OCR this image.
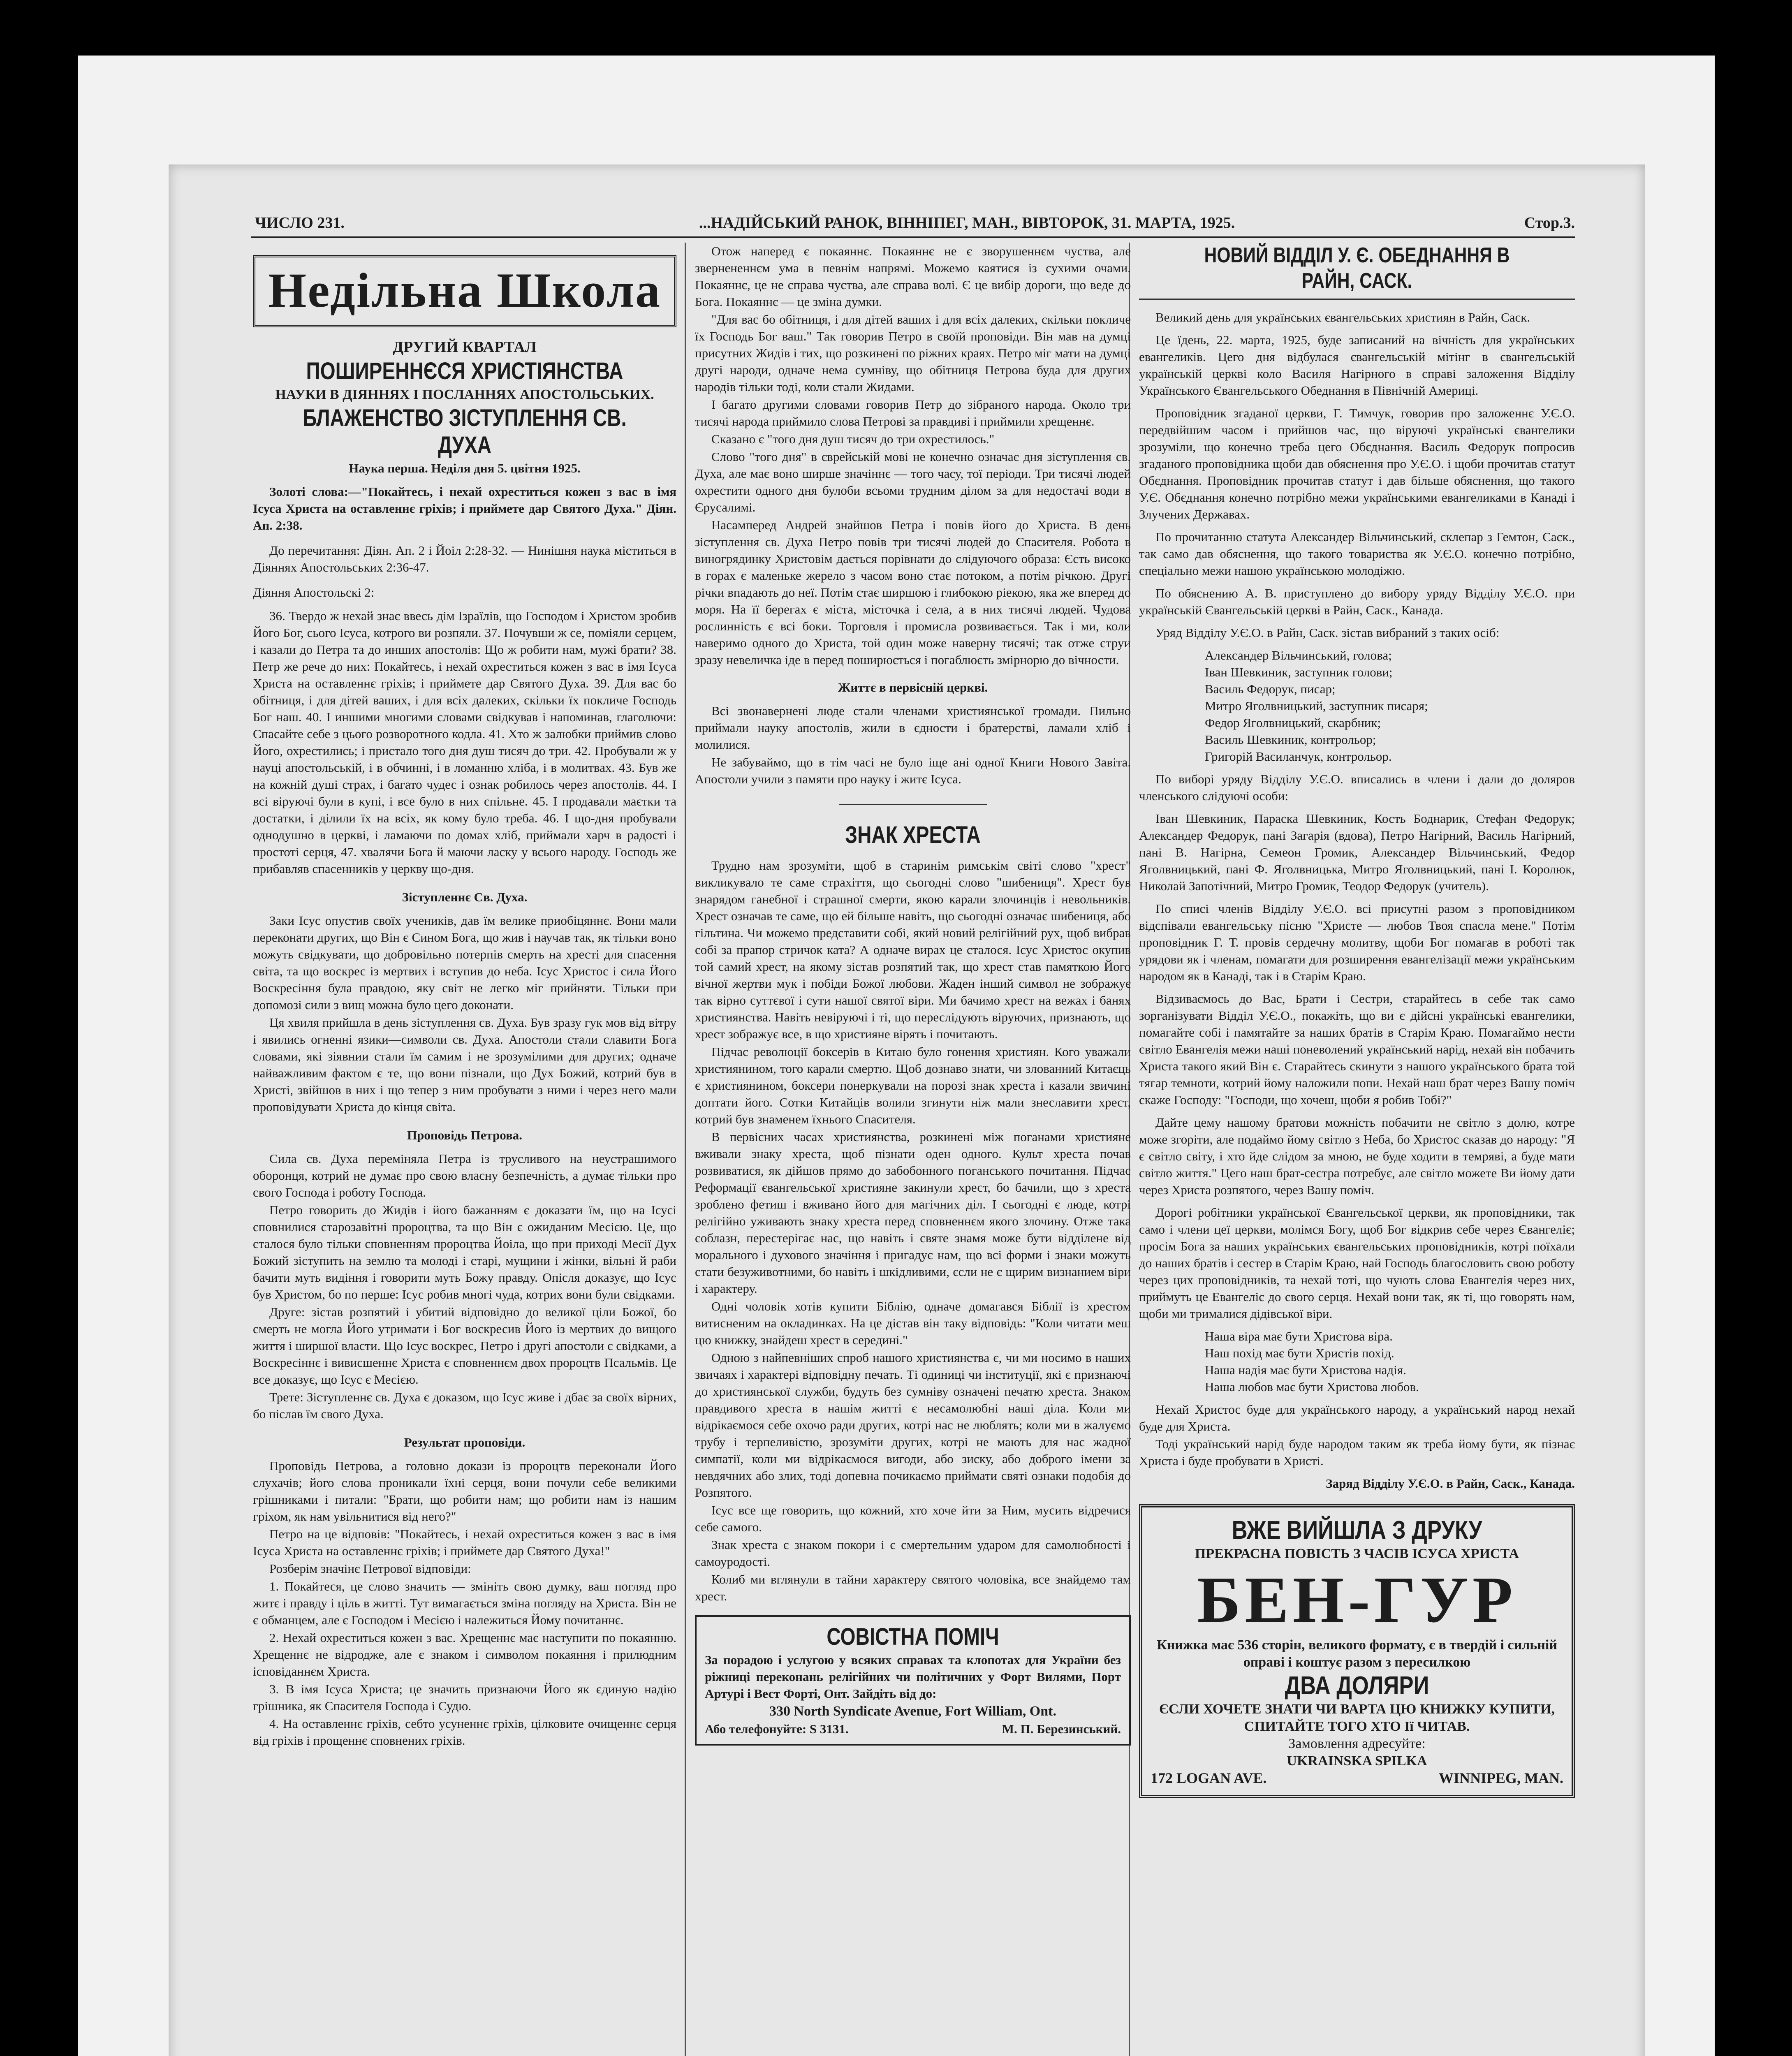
ЧИСЛО 231.	...НАДІЙСЬКИЙ РАНОК, ВІННІПЕГ, МАН., ВІВТОРОК, 31. МАРТА, 1925.	Стор.3.
Недільна Школа

ДРУГИЙ КВАРТАЛ

ПОШИРЕННЄСЯ ХРИСТІЯНСТВА

НАУКИ В ДІЯННЯХ І ПОСЛАННЯХ АПОСТОЛЬСЬКИХ.

БЛАЖЕНСТВО ЗІСТУПЛЕННЯ СВ. ДУХА

Наука перша. Неділя дня 5. цвітня 1925.

Золоті слова:—"Покайтесь, і нехай охреститься кожен з вас в імя Ісуса Христа на оставленнє гріхів; і приймете дар Святого Духа." Діян. Ап. 2:38.

До перечитання: Діян. Ап. 2 і Йоіл 2:28-32. — Нинішня наука міститься в Діяннях Апостольських 2:36-47.

Діяння Апостольскі 2:

36. Твердо ж нехай знає ввесь дім Ізраїлів, що Господом і Христом зробив Його Бог, сього Ісуса, котрого ви розпяли. 37. Почувши ж се, поміяли серцем, і казали до Петра та до инших апостолів: Що ж робити нам, мужі брати? 38. Петр же рече до них: Покайтесь, і нехай охреститься кожен з вас в імя Ісуса Христа на оставленнє гріхів; і приймете дар Святого Духа. 39. Для вас бо обітниця, і для дітей ваших, і для всіх далеких, скільки їх покличе Господь Бог наш. 40. І иншими многими словами свідкував і напоминав, глаголючи: Спасайте себе з цього розворотного кодла. 41. Хто ж залюбки приймив слово Його, охрестились; і пристало того дня душ тисяч до три. 42. Пробували ж у науці апостольській, і в обчинні, і в ломанню хліба, і в молитвах. 43. Був же на кожній душі страх, і багато чудес і ознак робилось через апостолів. 44. І всі віруючі були в купі, і все було в них спільне. 45. І продавали маєтки та достатки, і ділили їх на всіх, як кому було треба. 46. І що-дня пробували однодушно в церкві, і ламаючи по домах хліб, приймали харч в радості і простоті серця, 47. хвалячи Бога й маючи ласку у всього народу. Господь же прибавляв спасенників у церкву що-дня.

Зіступленнє Св. Духа.

Заки Ісус опустив своїх учеників, дав їм велике приобіцяннє. Вони мали переконати других, що Він є Сином Бога, що жив і научав так, як тільки воно можуть свідкувати, що добровільно потерпів смерть на хресті для спасення світа, та що воскрес із мертвих і вступив до неба. Ісус Христос і сила Його Воскресіння була правдою, яку світ не легко міг прийняти. Тільки при допомозі сили з вищ можна було цего доконати.

Ця хвиля прийшла в день зіступлення св. Духа. Був зразу гук мов від вітру і явились огненні язики—символи св. Духа. Апостоли стали славити Бога словами, які зіявнии стали їм самим і не зрозумілими для других; одначе найважливим фактом є те, що вони пізнали, що Дух Божий, котрий був в Христі, звійшов в них і що тепер з ним пробувати з ними і через него мали проповідувати Христа до кінця світа.

Проповідь Петрова.

Сила св. Духа переміняла Петра із трусливого на неустрашимого оборонця, котрий не думає про свою власну безпечність, а думає тільки про свого Господа і роботу Господа.

Петро говорить до Жидів і його бажанням є доказати їм, що на Ісусі сповнилися старозавітні пророцтва, та що Він є ожиданим Месією. Це, що сталося було тільки сповненням пророцтва Йоіла, що при приході Месії Дух Божий зіступить на землю та молоді і старі, мущини і жінки, вільні й раби бачити муть видіння і говорити муть Божу правду. Опісля доказує, що Ісус був Христом, бо по перше: Ісус робив многі чуда, котрих вони були свідками.

Друге: зістав розпятий і убитий відповідно до великої ціли Божої, бо смерть не могла Його утримати і Бог воскресив Його із мертвих до вищого життя і ширшої власти. Що Ісус воскрес, Петро і другі апостоли є свідками, а Воскресіннє і вивисшеннє Христа є сповненнєм двох пророцтв Псальмів. Це все доказує, що Ісус є Месією.

Трете: Зіступленнє св. Духа є доказом, що Ісус живе і дбає за своїх вірних, бо післав їм свого Духа.

Результат проповіди.

Проповідь Петрова, а головно докази із пророцтв переконали Його слухачів; його слова проникали їхні серця, вони почули себе великими грішниками і питали: "Брати, що робити нам; що робити нам із нашим гріхом, як нам увільнитися від него?"

Петро на це відповів: "Покайтесь, і нехай охреститься кожен з вас в імя Ісуса Христа на оставленнє гріхів; і приймете дар Святого Духа!"

Розберім значінє Петрової відповіди:

1. Покайтеся, це слово значить — змініть свою думку, ваш погляд про житє і правду і ціль в житті. Тут вимагається зміна погляду на Христа. Він не є обманцем, але є Господом і Месією і належиться Йому почитаннє.

2. Нехай охреститься кожен з вас. Хрещеннє має наступити по покаянню. Хрещеннє не відродже, але є знаком і символом покаяння і прилюдним ісповіданнєм Христа.

3. В імя Ісуса Христа; це значить признаючи Його як єдиную надію грішника, як Спасителя Господа і Судю.

4. На оставленнє гріхів, себто усуненнє гріхів, цілковите очищеннє серця від гріхів і прощеннє сповнених гріхів.

Отож наперед є покаяннє. Покаяннє не є зворушеннєм чуства, але звернененнєм ума в певнім напрямі. Можемо каятися із сухими очами. Покаяннє, це не справа чуства, але справа волі. Є це вибір дороги, що веде до Бога. Покаяннє — це зміна думки.

"Для вас бо обітниця, і для дітей ваших і для всіх далеких, скільки покличе їх Господь Бог ваш." Так говорив Петро в своїй проповіди. Він мав на думці присутних Жидів і тих, що розкинені по ріжних краях. Петро міг мати на думці другі народи, одначе нема сумніву, що обітниця Петрова буда для других народів тільки тоді, коли стали Жидами.

І багато другими словами говорив Петр до зібраного народа. Около три тисячі народа приймило слова Петрові за правдиві і приймили хрещеннє.

Сказано є "того дня душ тисяч до три охрестилось."

Слово "того дня" в єврейській мові не конечно означає дня зіступлення св. Духа, але має воно ширше значіннє — того часу, тої періоди. Три тисячі людей охрестити одного дня булоби всьоми трудним ділом за для недостачі води в Єрусалимі.

Насамперед Андрей знайшов Петра і повів його до Христа. В день зіступлення св. Духа Петро повів три тисячі людей до Спасителя. Робота в виногрядинку Христовім дається порівнати до слідуючого образа: Єсть високо в горах є маленьке жерело з часом воно стає потоком, а потім річкою. Другі річки впадають до неї. Потім стає ширшою і глибокою ріекою, яка же вперед до моря. На її берегах є міста, місточка і села, а в них тисячі людей. Чудова рослинність є всі боки. Торговля і промисла розвивається. Так і ми, коли наверимо одного до Христа, той один може наверну тисячі; так отже струи зразу невеличка іде в перед поширюється і погаблюєть змірнорю до вічности.

Життє в первісній церкві.

Всі звонавернені люде стали членами християнської громади. Пильно приймали науку апостолів, жили в єдности і братерстві, ламали хліб і молилися.

Не забуваймо, що в тім часі не було іще ані одної Книги Нового Завіта. Апостоли учили з памяти про науку і житє Ісуса.

ЗНАК ХРЕСТА

Трудно нам зрозуміти, щоб в старинім римськім світі слово "хрест" викликувало те саме страхіття, що сьогодні слово "шибениця". Хрест був знарядом ганебної і страшної смерти, якою карали злочинців і невольників. Хрест означав те саме, що ей більше навіть, що сьогодні означає шибениця, або гільтина. Чи можемо представити собі, який новий релігійний рух, щоб вибрав собі за прапор стричок ката? А одначе вирах це сталося. Ісус Христос окупив той самий хрест, на якому зістав розпятий так, що хрест став памяткою Його вічної жертви мук і побіди Божої любови. Жаден інший символ не зображує так вірно суттєвої і сути нашої святої віри. Ми бачимо хрест на вежах і банях християнства. Навіть невіруючі і ті, що переслідують віруючих, признають, що хрест зображує все, в що християне вірять і почитають.

Підчас революції боксерів в Китаю було гонення християн. Кого уважали християнином, того карали смертю. Щоб дознаво знати, чи злованний Китаєць є християнином, боксери понеркували на порозі знак хреста і казали звичині доптати його. Сотки Китайців волили згинути ніж мали знеславити хрест, котрий був знаменем їхнього Спасителя.

В первісних часах християнства, розкинені між поганами християне вживали знаку хреста, щоб пізнати оден одного. Культ хреста почав розвиватися, як дійшов прямо до забобонного поганського почитання. Підчас Реформації євангельської християне закинули хрест, бо бачили, що з хреста зроблено фетиш і вживано його для магічних діл. І сьогодні є люде, котрі релігійно уживають знаку хреста перед сповненнєм якого злочину. Отже така соблазн, перестерігає нас, що навіть і святе знамя може бути відділене від морального і духового значіння і пригадує нам, що всі форми і знаки можуть стати безуживотними, бо навіть і шкідливими, єсли не є щирим визнанием віри і характеру.

Одні чоловік хотів купити Біблію, одначе домагався Біблії із хрестом витисненим на окладинках. На це дістав він таку відповідь: "Коли читати меш цю книжку, знайдеш хрест в середині."

Одною з найпевніших спроб нашого християнства є, чи ми носимо в наших звичаях і характері відповідну печать. Ті одиниці чи інституції, які є признаючі до християнської служби, будуть без сумніву означені печатю хреста. Знаком правдивого хреста в нашім житті є несамолюбні наші діла. Коли ми відрікаємося себе охочо ради других, котрі нас не люблять; коли ми в жалуємо трубу і терпеливістю, зрозуміти других, котрі не мають для нас жадної симпатії, коли ми відрікаємося вигоди, або зиску, або доброго імени за невдячних або злих, тоді допевна почикаємо приймати святі ознаки подобія до Розпятого.

Ісус все ще говорить, що кожний, хто хоче йти за Ним, мусить відречися себе самого.

Знак хреста є знаком покори і є смертельним ударом для самолюбності і самоуродості.

Колиб ми вглянули в тайни характеру святого чоловіка, все знайдемо там хрест.

СОВІСТНА ПОМІЧ

За порадою і услугою у всяких справах та клопотах для України без ріжниці переконань релігійних чи політичних у Форт Вилями, Порт Артурі і Вест Форті, Онт. Зайдіть від до:

330 North Syndicate Avenue, Fort William, Ont.

Або телефонуйте: S 3131.	М. П. Березинський.

НОВИЙ ВІДДІЛ У. Є. ОБЕДНАННЯ В РАЙН, САСК.

Великий день для українських євангельських християн в Райн, Саск.

Це їдень, 22. марта, 1925, буде записаний на вічність для українських евангеликів. Цего дня відбулася євангельській мітінг в євангельській українській церкві коло Василя Нагірного в справі заложення Відділу Українського Євангельського Обеднання в Північній Америці.

Проповідник згаданої церкви, Г. Тимчук, говорив про заложеннє У.Є.О. передвійшим часом і прийшов час, що віруючі українські євангелики зрозуміли, що конечно треба цего Обєднання. Василь Федорук попросив згаданого проповідника щоби дав обяснення про У.Є.О. і щоби прочитав статут Обєднання. Проповідник прочитав статут і дав більше обяснення, що такого У.Є. Обєднання конечно потрібно межи українськими евангеликами в Канаді і Злучених Державах.

По прочитанню статута Александер Вільчинський, склепар з Гемтон, Саск., так само дав обяснення, що такого товариства як У.Є.О. конечно потрібно, спеціально межи нашою українською молодіжю.

По обяснению А. В. приступлено до вибору уряду Відділу У.Є.О. при українській Євангельській церкві в Райн, Саск., Канада.

Уряд Відділу У.Є.О. в Райн, Саск. зістав вибраний з таких осіб:

Александер Вільчинський, голова;
Іван Шевкиник, заступник голови;
Василь Федорук, писар;
Митро Яголвницький, заступник писаря;
Федор Яголвницький, скарбник;
Василь Шевкиник, контрольор;
Григорій Василанчук, контрольор.

По виборі уряду Відділу У.Є.О. вписались в члени і дали до доляров членського слідуючі особи:

Іван Шевкиник, Параска Шевкиник, Кость Боднарик, Стефан Федорук; Александер Федорук, пані Загарія (вдова), Петро Нагірний, Василь Нагірний, пані В. Нагірна, Семеон Громик, Александер Вільчинський, Федор Яголвницький, пані Ф. Яголвницька, Митро Яголвницький, пані І. Королюк, Николай Запотічний, Митро Громик, Теодор Федорук (учитель).

По списі членів Відділу У.Є.О. всі присутні разом з проповідником відспівали евангельську пісню "Христе — любов Твоя спасла мене." Потім проповідник Г. Т. провів сердечну молитву, щоби Бог помагав в роботі так урядови як і членам, помагати для розширення евангелізації межи українським народом як в Канаді, так і в Старім Краю.

Відзиваємось до Вас, Брати і Сестри, старайтесь в себе так само зорганізувати Відділ У.Є.О., покажіть, що ви є дійсні українські евангелики, помагайте собі і памятайте за наших братів в Старім Краю. Помагаймо нести світло Евангелія межи наші поневолений український нарід, нехай він побачить Христа такого який Він є. Старайтесь скинути з нашого українського брата той тягар темноти, котрий йому наложили попи. Нехай наш брат через Вашу поміч скаже Господу: "Господи, що хочеш, щоби я робив Тобі?"

Дайте цему нашому братови можність побачити не світло з долю, котре може згоріти, але подаймо йому світло з Неба, бо Христос сказав до народу: "Я є світло світу, і хто йде слідом за мною, не буде ходити в темряві, а буде мати світло життя." Цего наш брат-сестра потребує, але світло можете Ви йому дати через Христа розпятого, через Вашу поміч.

Дорогі робітники української Євангельської церкви, як проповідники, так само і члени цеї церкви, молімся Богу, щоб Бог відкрив себе через Євангеліє; просім Бога за наших українських євангельських проповідників, котрі поїхали до наших братів і сестер в Старім Краю, най Господь благословить свою роботу через цих проповідників, та нехай тоті, що чують слова Евангелія через них, приймуть це Евангеліє до свого серця. Нехай вони так, як ті, що говорять нам, щоби ми трималися дідівської віри.

Наша віра має бути Христова віра.
Наш похід має бути Христів похід.
Наша надія має бути Христова надія.
Наша любов має бути Христова любов.

Нехай Христос буде для українського народу, а український народ нехай буде для Христа.

Тоді український нарід буде народом таким як треба йому бути, як пізнає Христа і буде пробувати в Христі.

Заряд Відділу У.Є.О. в Райн, Саск., Канада.

ВЖЕ ВИЙШЛА З ДРУКУ
ПРЕКРАСНА ПОВІСТЬ З ЧАСІВ ІСУСА ХРИСТА
БЕН-ГУР
Книжка має 536 сторін, великого формату, є в твердій і сильній оправі і коштує разом з пересилкою
ДВА ДОЛЯРИ
ЄСЛИ ХОЧЕТЕ ЗНАТИ ЧИ ВАРТА ЦЮ КНИЖКУ КУПИТИ, СПИТАЙТЕ ТОГО ХТО Ії ЧИТАВ.
Замовлення адресуйте:
UKRAINSKA SPILKA
172 LOGAN AVE.	WINNIPEG, MAN.
